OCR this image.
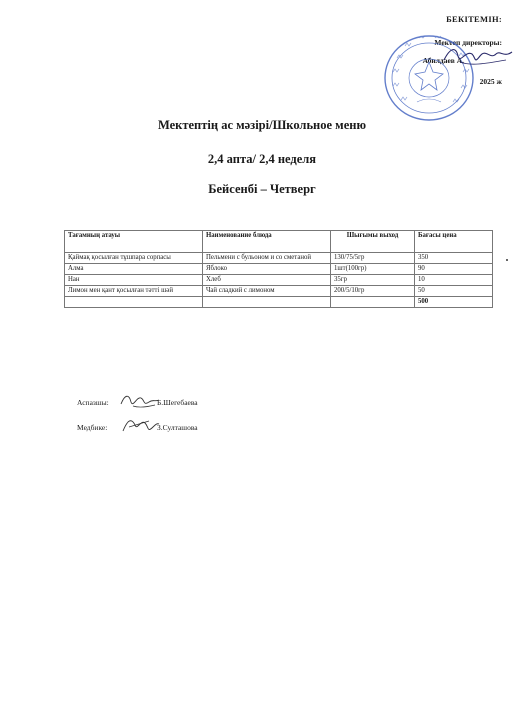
БЕКІТЕМІН:
Мектеп директоры:
Абилдаев А.
2025 ж
Мектептің ас мәзірі/Школьное меню
2,4 апта/ 2,4 неделя
Бейсенбі – Четверг
Тағамның атауы	Наименование блюда	Шығымы выход	Бағасы цена
Қаймақ қосылған тұшпара сорпасы	Пельмени с бульоном и со сметаной	130/75/5гр	350
Алма	Яблоко	1шт(100гр)	90
Нан	Хлеб	35гр	10
Лимон мен қант қосылған тәтті шәй	Чай сладкий с лимоном	200/5/10гр	50
			500
Аспазшы:	Б.Шегебаева
Медбике:	З.Султашова
